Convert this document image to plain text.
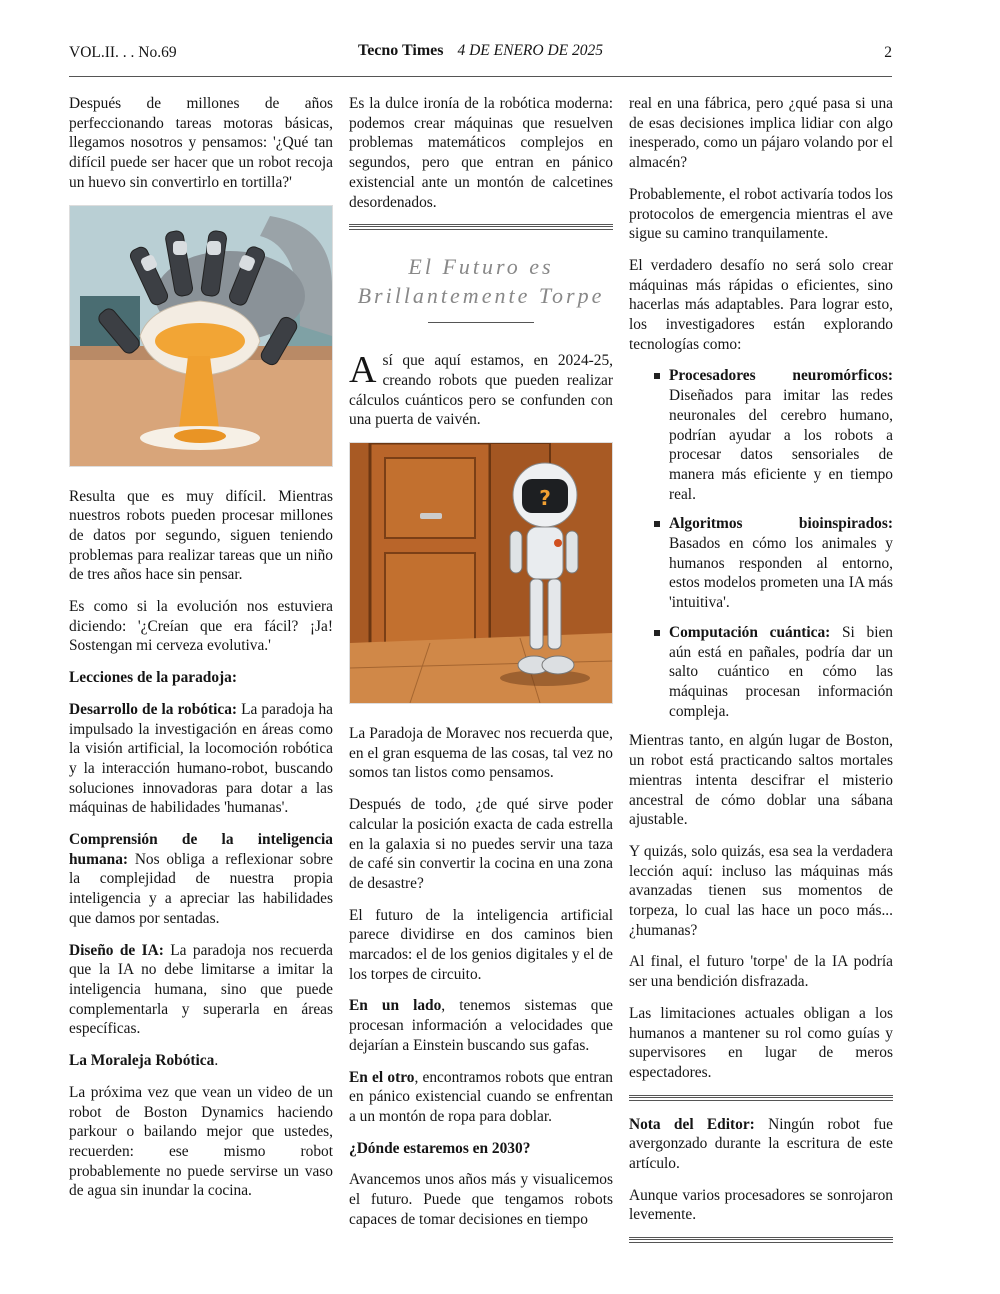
VOL.II. . . No.69	Tecno Times 4 DE ENERO DE 2025	2

Después de millones de años perfeccionando tareas motoras básicas, llegamos nosotros y pensamos: '¿Qué tan difícil puede ser hacer que un robot recoja un huevo sin convertirlo en tortilla?'

Resulta que es muy difícil. Mientras nuestros robots pueden procesar millones de datos por segundo, siguen teniendo problemas para realizar tareas que un niño de tres años hace sin pensar.

Es como si la evolución nos estuviera diciendo: '¿Creían que era fácil? ¡Ja! Sostengan mi cerveza evolutiva.'

Lecciones de la paradoja:

Desarrollo de la robótica: La paradoja ha impulsado la investigación en áreas como la visión artificial, la locomoción robótica y la interacción humano-robot, buscando soluciones innovadoras para dotar a las máquinas de habilidades 'humanas'.

Comprensión de la inteligencia humana: Nos obliga a reflexionar sobre la complejidad de nuestra propia inteligencia y a apreciar las habilidades que damos por sentadas.

Diseño de IA: La paradoja nos recuerda que la IA no debe limitarse a imitar la inteligencia humana, sino que puede complementarla y superarla en áreas específicas.

La Moraleja Robótica.

La próxima vez que vean un video de un robot de Boston Dynamics haciendo parkour o bailando mejor que ustedes, recuerden: ese mismo robot probablemente no puede servirse un vaso de agua sin inundar la cocina.

Es la dulce ironía de la robótica moderna: podemos crear máquinas que resuelven problemas matemáticos complejos en segundos, pero que entran en pánico existencial ante un montón de calcetines desordenados.

El Futuro es
Brillantemente Torpe

Así que aquí estamos, en 2024-25, creando robots que pueden realizar cálculos cuánticos pero se confunden con una puerta de vaivén.

?

La Paradoja de Moravec nos recuerda que, en el gran esquema de las cosas, tal vez no somos tan listos como pensamos.

Después de todo, ¿de qué sirve poder calcular la posición exacta de cada estrella en la galaxia si no puedes servir una taza de café sin convertir la cocina en una zona de desastre?

El futuro de la inteligencia artificial parece dividirse en dos caminos bien marcados: el de los genios digitales y el de los torpes de circuito.

En un lado, tenemos sistemas que procesan información a velocidades que dejarían a Einstein buscando sus gafas.

En el otro, encontramos robots que entran en pánico existencial cuando se enfrentan a un montón de ropa para doblar.

¿Dónde estaremos en 2030?

Avancemos unos años más y visualicemos el futuro. Puede que tengamos robots capaces de tomar decisiones en tiempo

real en una fábrica, pero ¿qué pasa si una de esas decisiones implica lidiar con algo inesperado, como un pájaro volando por el almacén?

Probablemente, el robot activaría todos los protocolos de emergencia mientras el ave sigue su camino tranquilamente.

El verdadero desafío no será solo crear máquinas más rápidas o eficientes, sino hacerlas más adaptables. Para lograr esto, los investigadores están explorando tecnologías como:

Procesadores neuromórficos: Diseñados para imitar las redes neuronales del cerebro humano, podrían ayudar a los robots a procesar datos sensoriales de manera más eficiente y en tiempo real.
Algoritmos bioinspirados: Basados en cómo los animales y humanos responden al entorno, estos modelos prometen una IA más 'intuitiva'.
Computación cuántica: Si bien aún está en pañales, podría dar un salto cuántico en cómo las máquinas procesan información compleja.

Mientras tanto, en algún lugar de Boston, un robot está practicando saltos mortales mientras intenta descifrar el misterio ancestral de cómo doblar una sábana ajustable.

Y quizás, solo quizás, esa sea la verdadera lección aquí: incluso las máquinas más avanzadas tienen sus momentos de torpeza, lo cual las hace un poco más... ¿humanas?

Al final, el futuro 'torpe' de la IA podría ser una bendición disfrazada.

Las limitaciones actuales obligan a los humanos a mantener su rol como guías y supervisores en lugar de meros espectadores.

Nota del Editor: Ningún robot fue avergonzado durante la escritura de este artículo.

Aunque varios procesadores se sonrojaron levemente.
